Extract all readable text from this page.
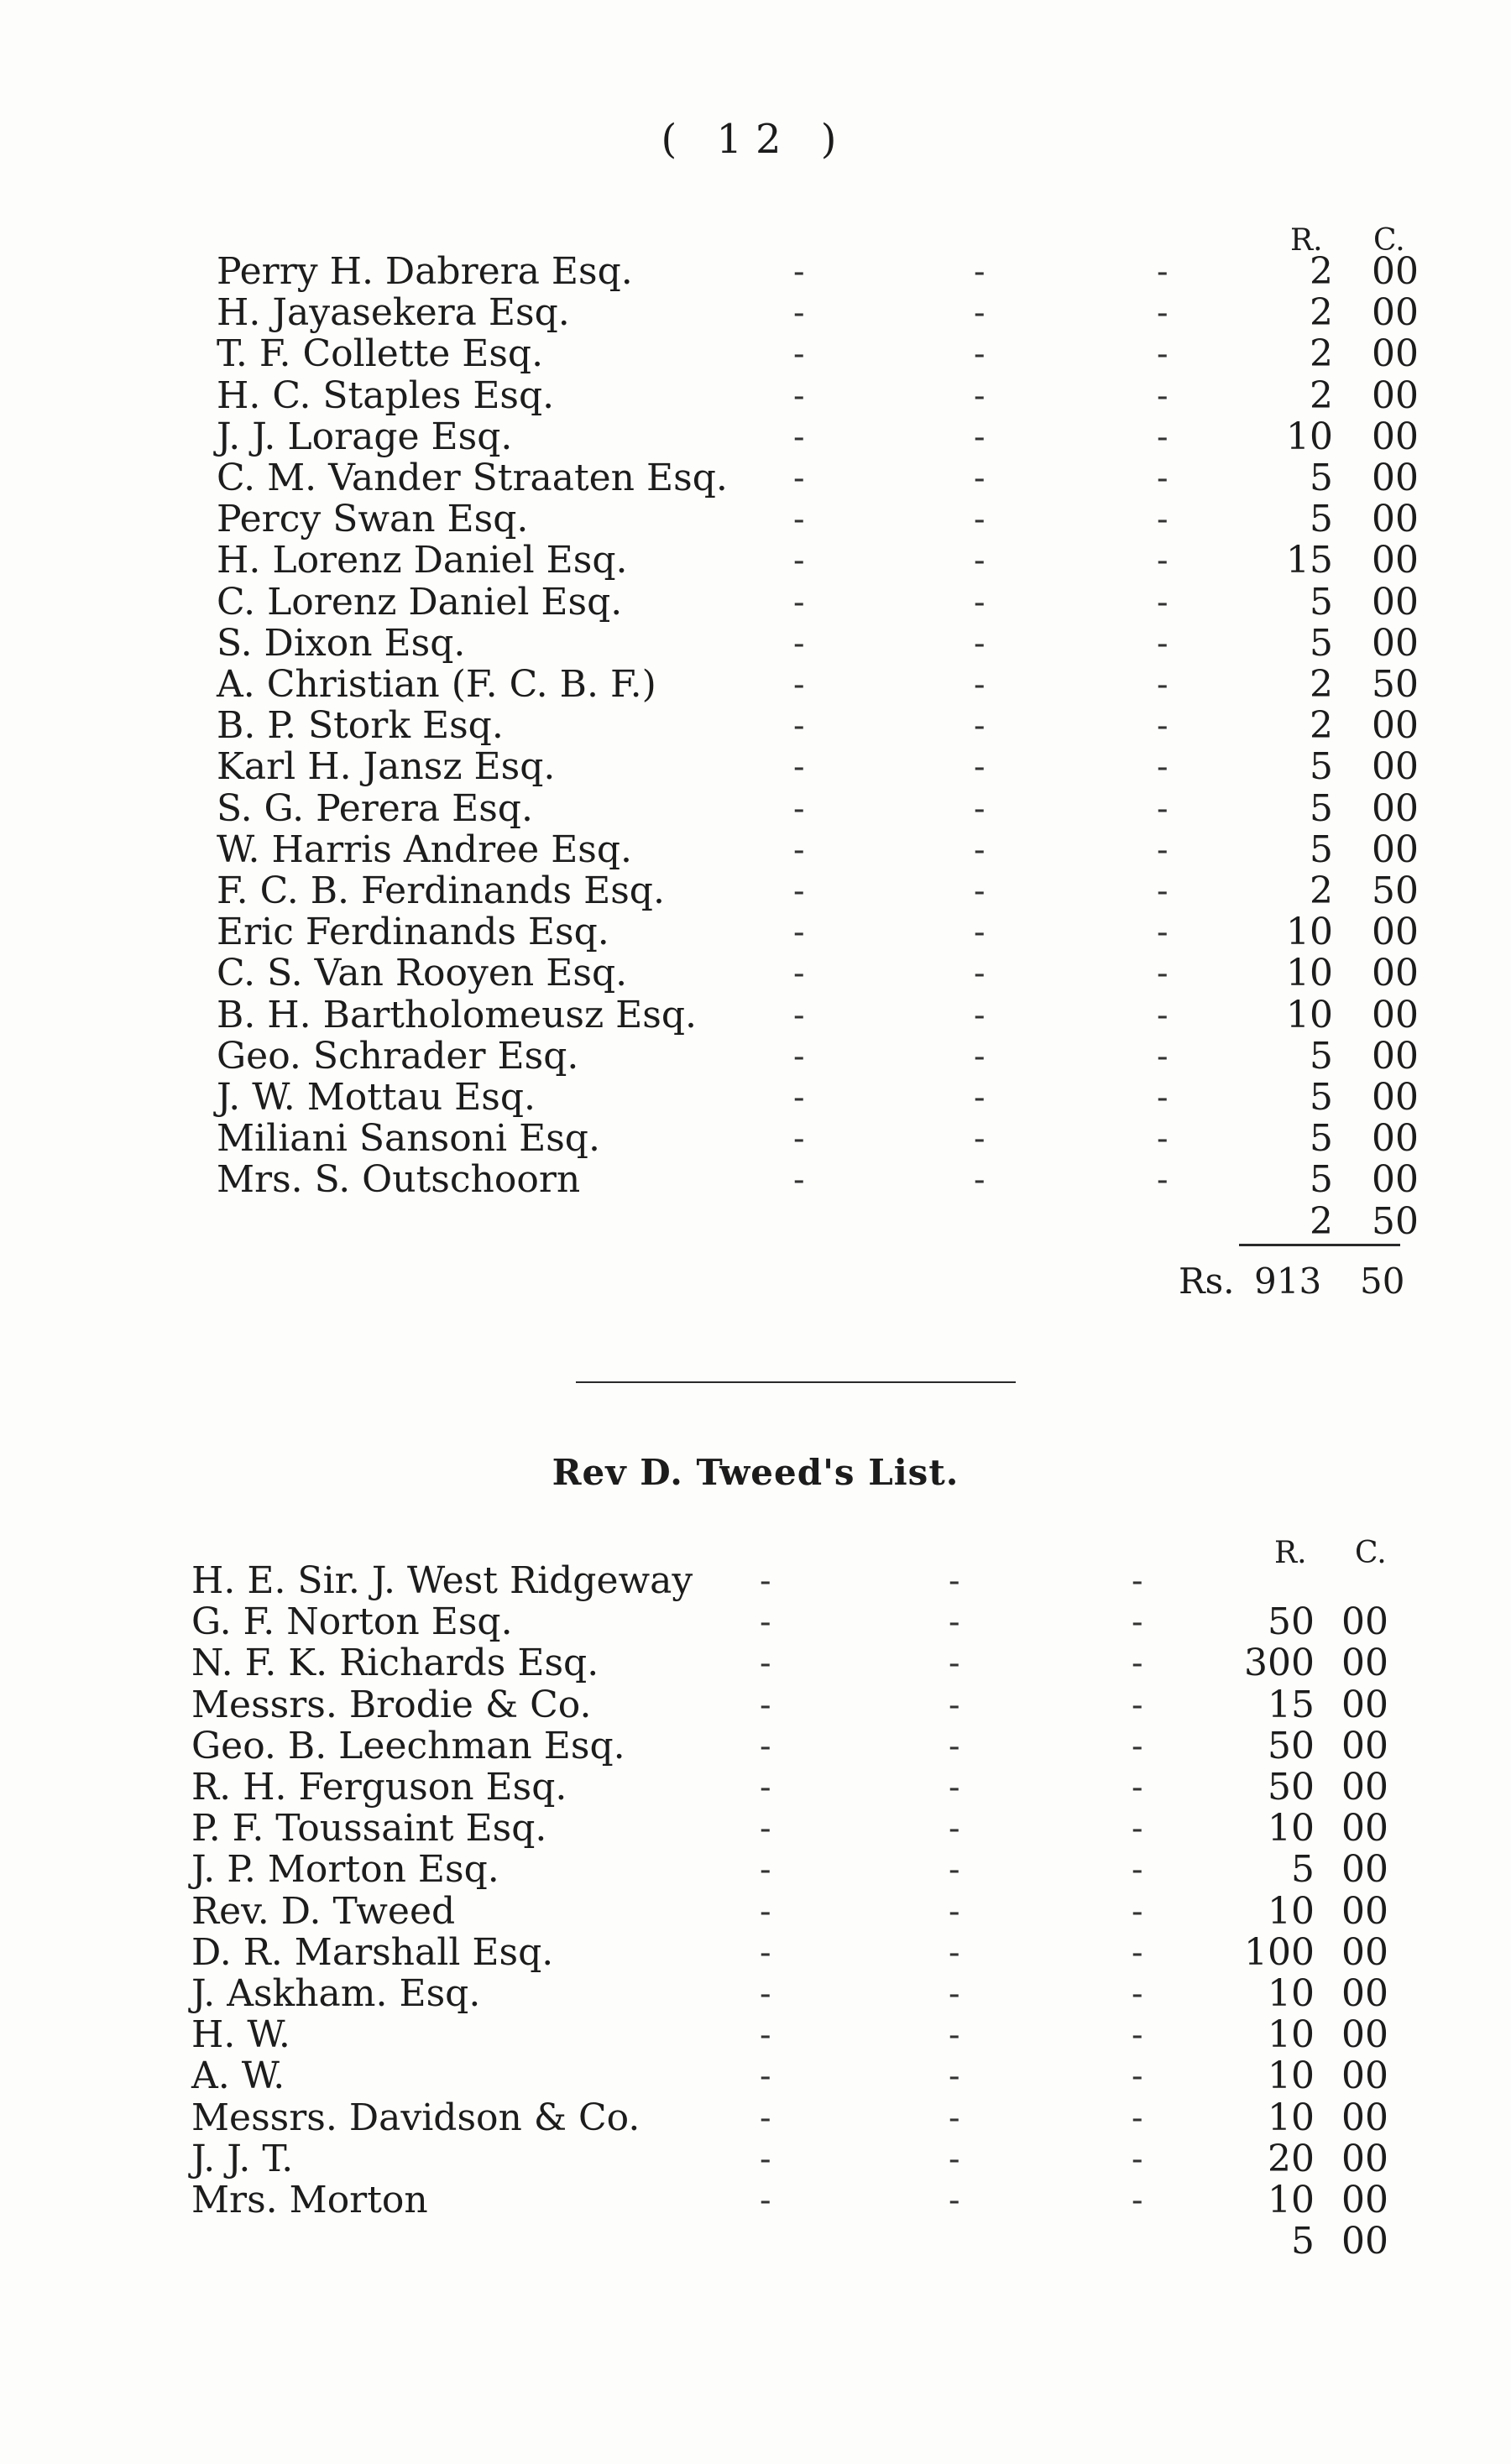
( 12 )
R. C.
Perry H. Dabrera Esq.	-	-	-	2	00
H. Jayasekera Esq.	-	-	-	2	00
T. F. Collette Esq.	-	-	-	2	00
H. C. Staples Esq.	-	-	-	2	00
J. J. Lorage Esq.	-	-	-	10	00
C. M. Vander Straaten Esq. -	-	-	5	00
Percy Swan Esq.	-	-	-	5	00
H. Lorenz Daniel Esq.	-	-	-	15	00
C. Lorenz Daniel Esq.	-	-	-	5	00
S. Dixon Esq.	-	-	-	5	00
A. Christian (F. C. B. F.)	-	-	-	2	50
B. P. Stork Esq.	-	-	-	2	00
Karl H. Jansz Esq.	-	-	-	5	00
S. G. Perera Esq.	-	-	-	5	00
W. Harris Andree Esq.	-	-	-	5	00
F. C. B. Ferdinands Esq.	-	-	-	2	50
Eric Ferdinands Esq.	-	-	-	10	00
C. S. Van Rooyen Esq.	-	-	-	10	00
B. H. Bartholomeusz Esq.	-	-	-	10	00
Geo. Schrader Esq.	-	-	-	5	00
J. W. Mottau Esq.	-	-	-	5	00
Miliani Sansoni Esq.	-	-	-	5	00
Mrs. S. Outschoorn	-	-	-	5	00
2	50
Rs. 913 50
Rev D. Tweed's List.
R. C.
H. E. Sir. J. West Ridgeway -	-	-
G. F. Norton Esq.	-	-	-	50 00
N. F. K. Richards Esq.	-	-	-	300 00
Messrs. Brodie & Co.	-	-	-	15 00
Geo. B. Leechman Esq.	-	-	-	50 00
R. H. Ferguson Esq.	-	-	-	50 00
P. F. Toussaint Esq.	-	-	-	10 00
J. P. Morton Esq.	-	-	-	5 00
Rev. D. Tweed	-	-	-	10 00
D. R. Marshall Esq.	-	-	-	100 00
J. Askham. Esq.	-	-	-	10 00
H. W.	-	-	-	10 00
A. W.	-	-	-	10 00
Messrs. Davidson & Co.	-	-	-	10 00
J. J. T.	-	-	-	20 00
Mrs. Morton	-	-	-	10 00
5 00
